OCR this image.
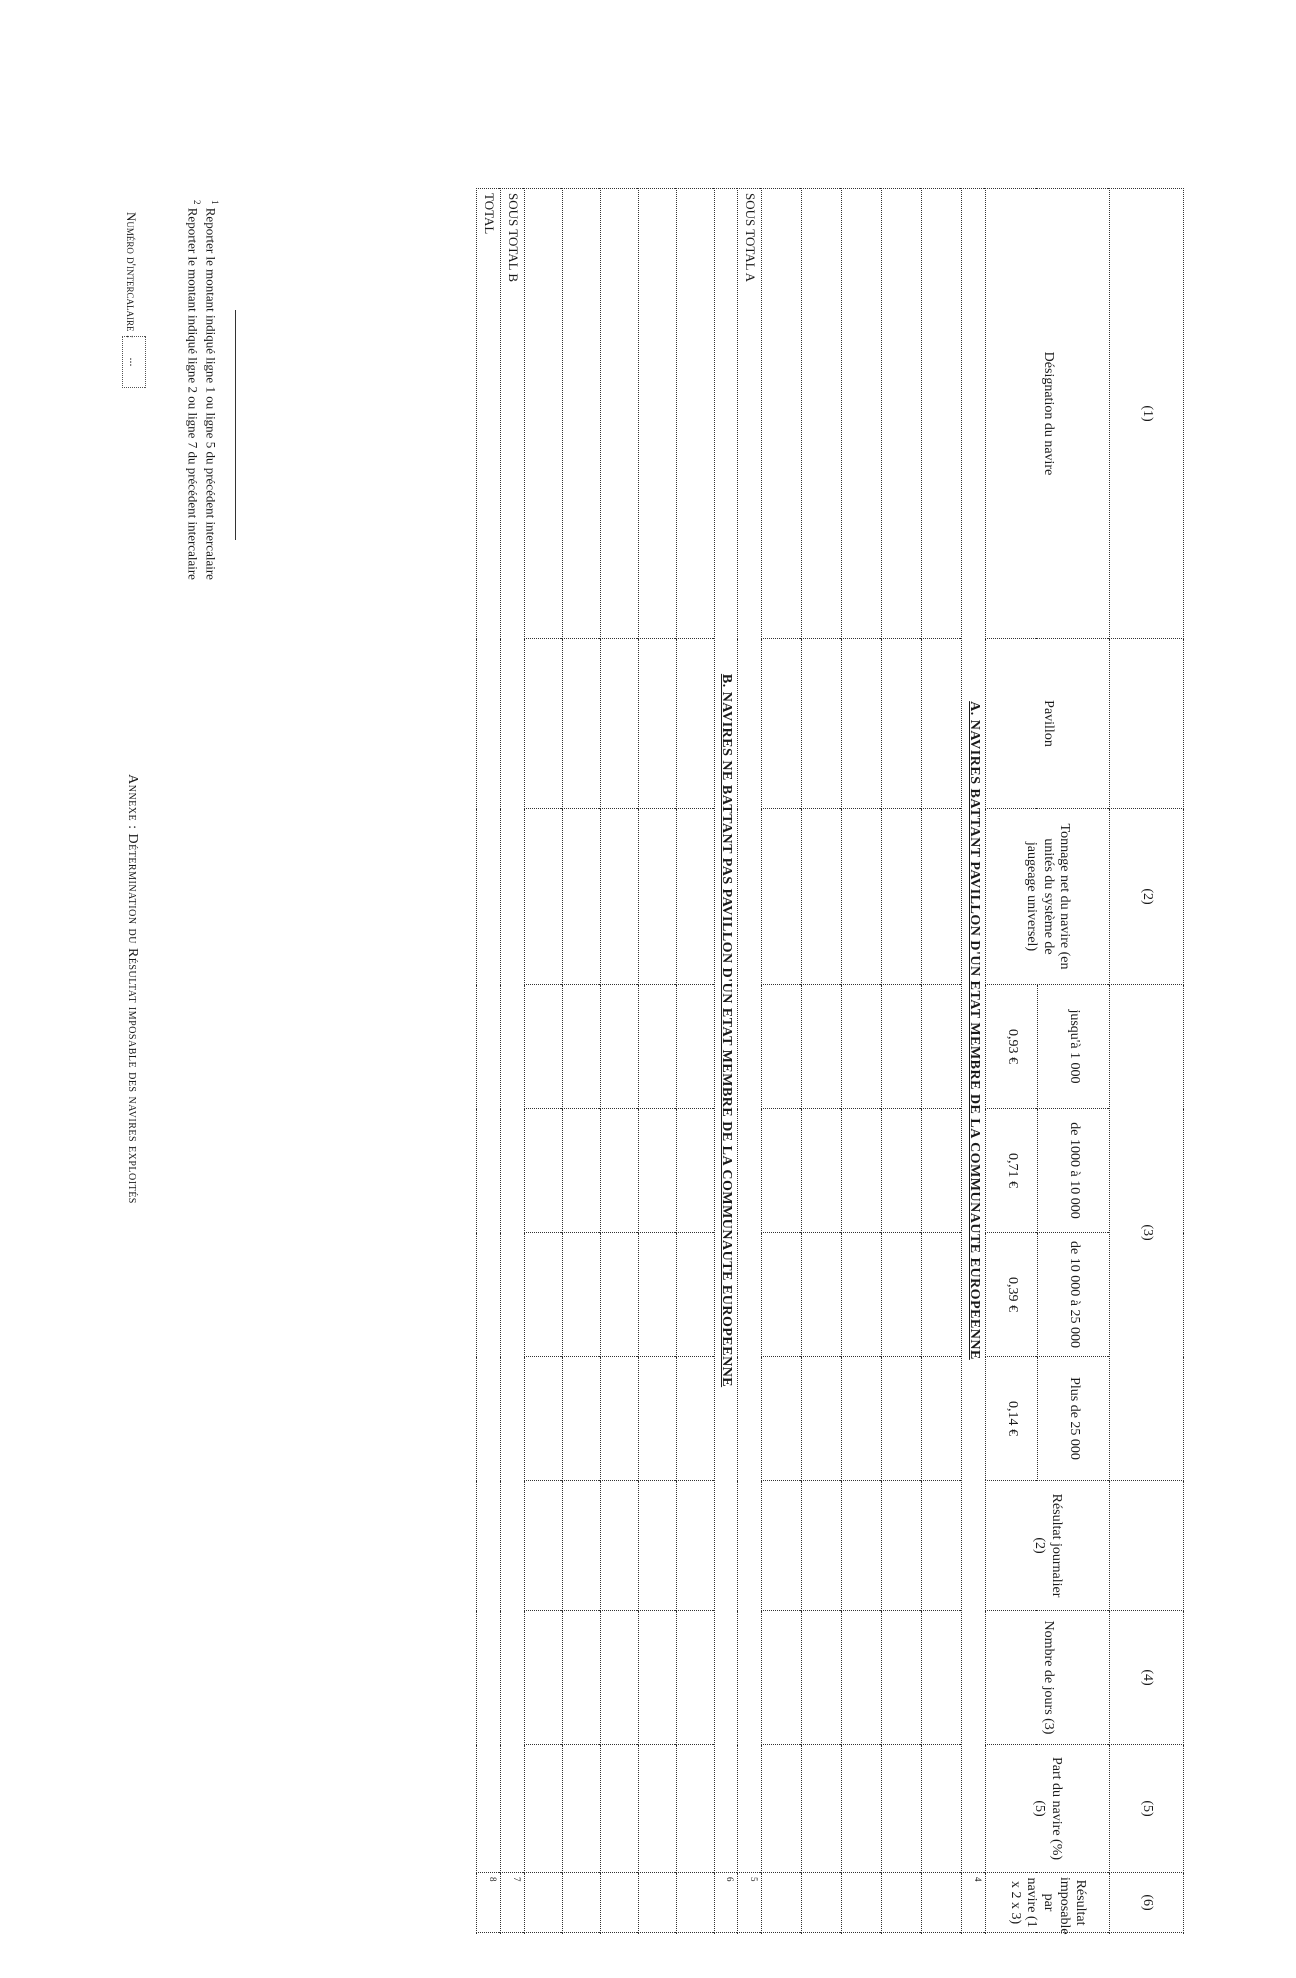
Annexe : Détermination du Résultat imposable des navires exploités
Numéro d'intercalaire :
...
(1)		(2)	(3)					(4)	(5)	(6)
Désignation du navire	Pavillon	Tonnage net du navire (en unités du système de jaugeage universel)	jusqu'à 1 000	de 1000 à 10 000	de 10 000 à 25 000	Plus de 25 000	Résultat journalier (2)	Nombre de jours (3)	Part du navire (%) (5)	Résultat imposable par navire (1 x 2 x 3)
			0,93 €	0,71 €	0,39 €	0,14 €				
A. NAVIRES BATTANT PAVILLON D'UN ETAT MEMBRE DE LA COMMUNAUTE EUROPEENNE										$^4$

SOUS TOTAL A										$^5$
B. NAVIRES NE BATTANT PAS PAVILLON D'UN ETAT MEMBRE DE LA COMMUNAUTE EUROPEENNE										$^6$

SOUS TOTAL B										$^7$
TOTAL										$^8$
$^1$ Reporter le montant indiqué ligne 1 ou ligne 5 du précédent intercalaire
$^2$ Reporter le montant indiqué ligne 2 ou ligne 7 du précédent intercalaire
